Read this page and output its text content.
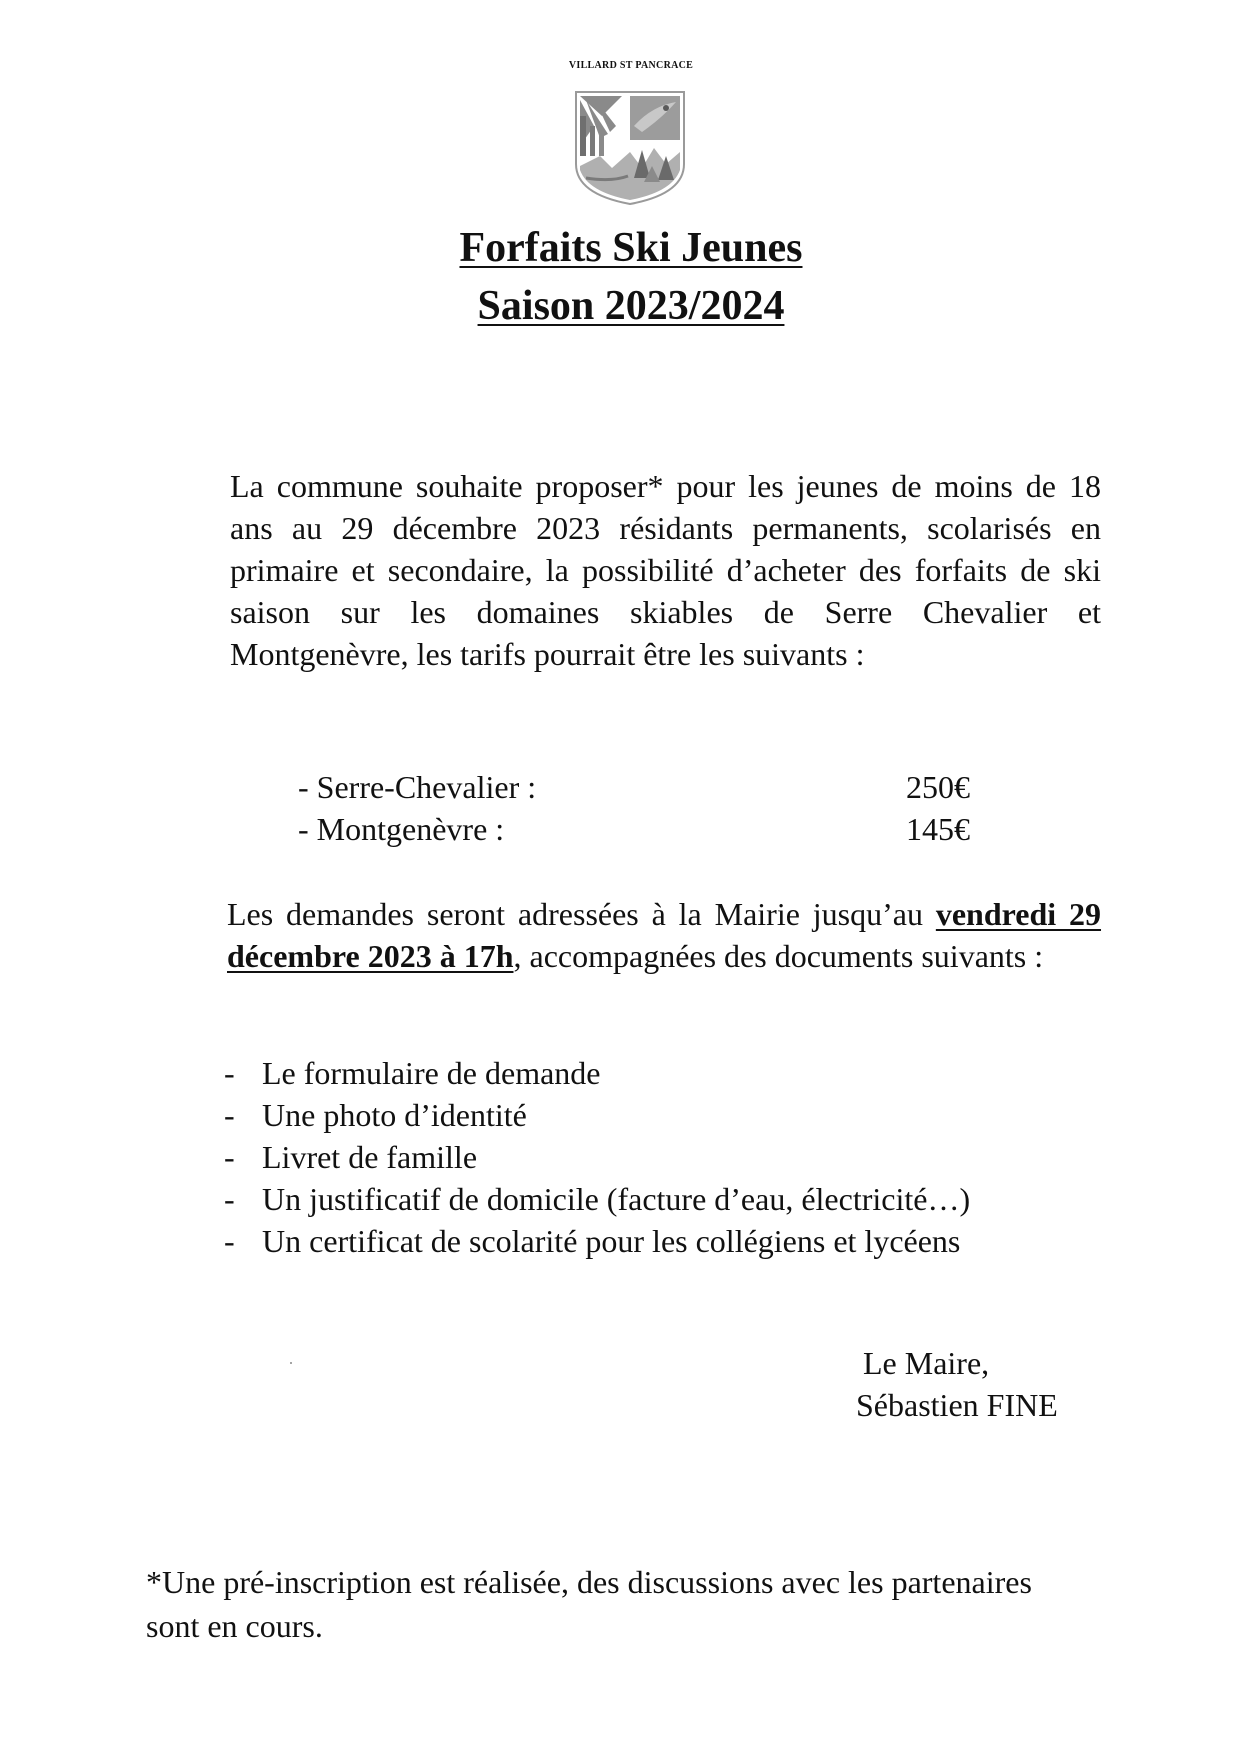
VILLARD ST PANCRACE
Forfaits Ski Jeunes
Saison 2023/2024

La commune souhaite proposer* pour les jeunes de moins de 18 ans au 29 décembre 2023 résidants permanents, scolarisés en primaire et secondaire, la possibilité d’acheter des forfaits de ski saison sur les domaines skiables de Serre Chevalier et Montgenèvre, les tarifs pourrait être les suivants :

- Serre-Chevalier :	250€
- Montgenèvre :	145€

Les demandes seront adressées à la Mairie jusqu’au vendredi 29 décembre 2023 à 17h, accompagnées des documents suivants :

- Le formulaire de demande
- Une photo d’identité
- Livret de famille
- Un justificatif de domicile (facture d’eau, électricité…)
- Un certificat de scolarité pour les collégiens et lycéens
Le Maire,
Sébastien FINE

*Une pré-inscription est réalisée, des discussions avec les partenaires sont en cours.
